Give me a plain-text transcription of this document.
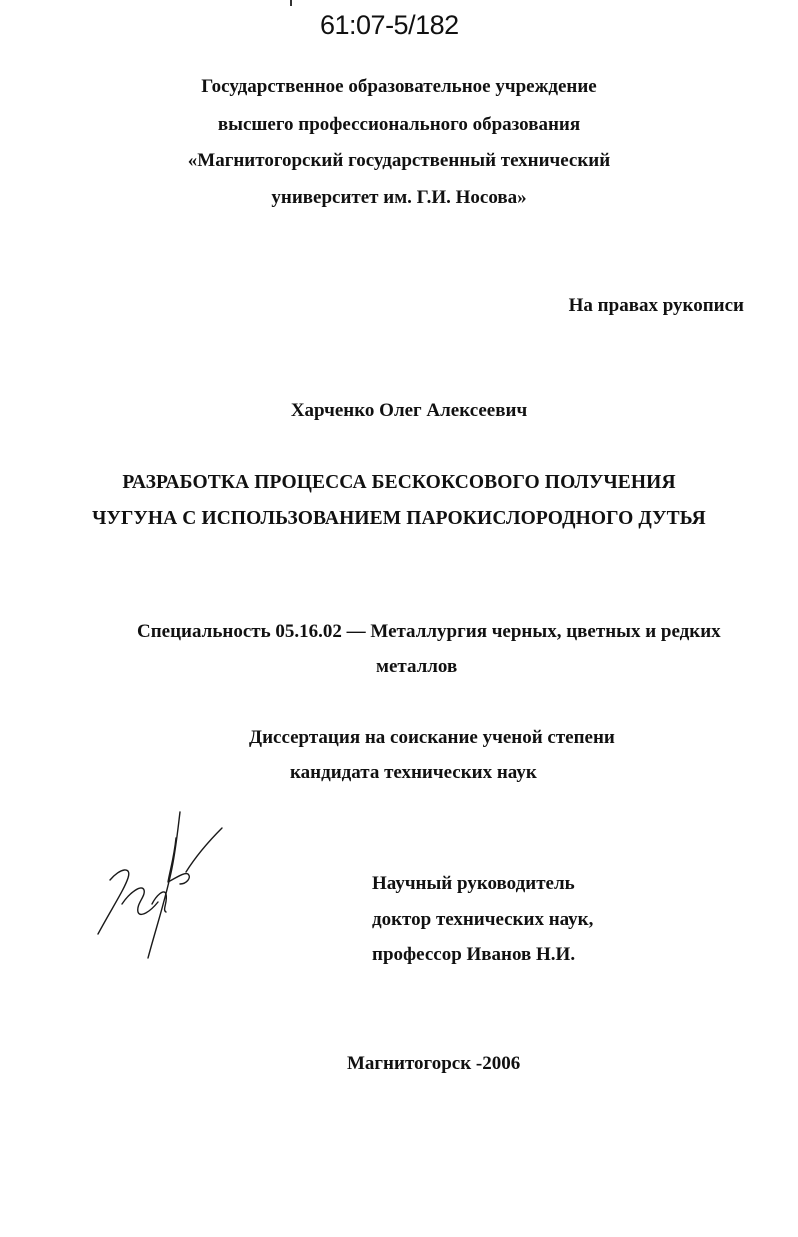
61:07-5/182
Государственное образовательное учреждение
высшего профессионального образования
«Магнитогорский государственный технический
университет им. Г.И. Носова»
На правах рукописи
Харченко Олег Алексеевич
РАЗРАБОТКА ПРОЦЕССА БЕСКОКСОВОГО ПОЛУЧЕНИЯ
ЧУГУНА С ИСПОЛЬЗОВАНИЕМ ПАРОКИСЛОРОДНОГО ДУТЬЯ
Специальность 05.16.02 — Металлургия черных, цветных и редких
металлов
Диссертация на соискание ученой степени
кандидата технических наук
Научный руководитель
доктор технических наук,
профессор Иванов Н.И.
Магнитогорск -2006
